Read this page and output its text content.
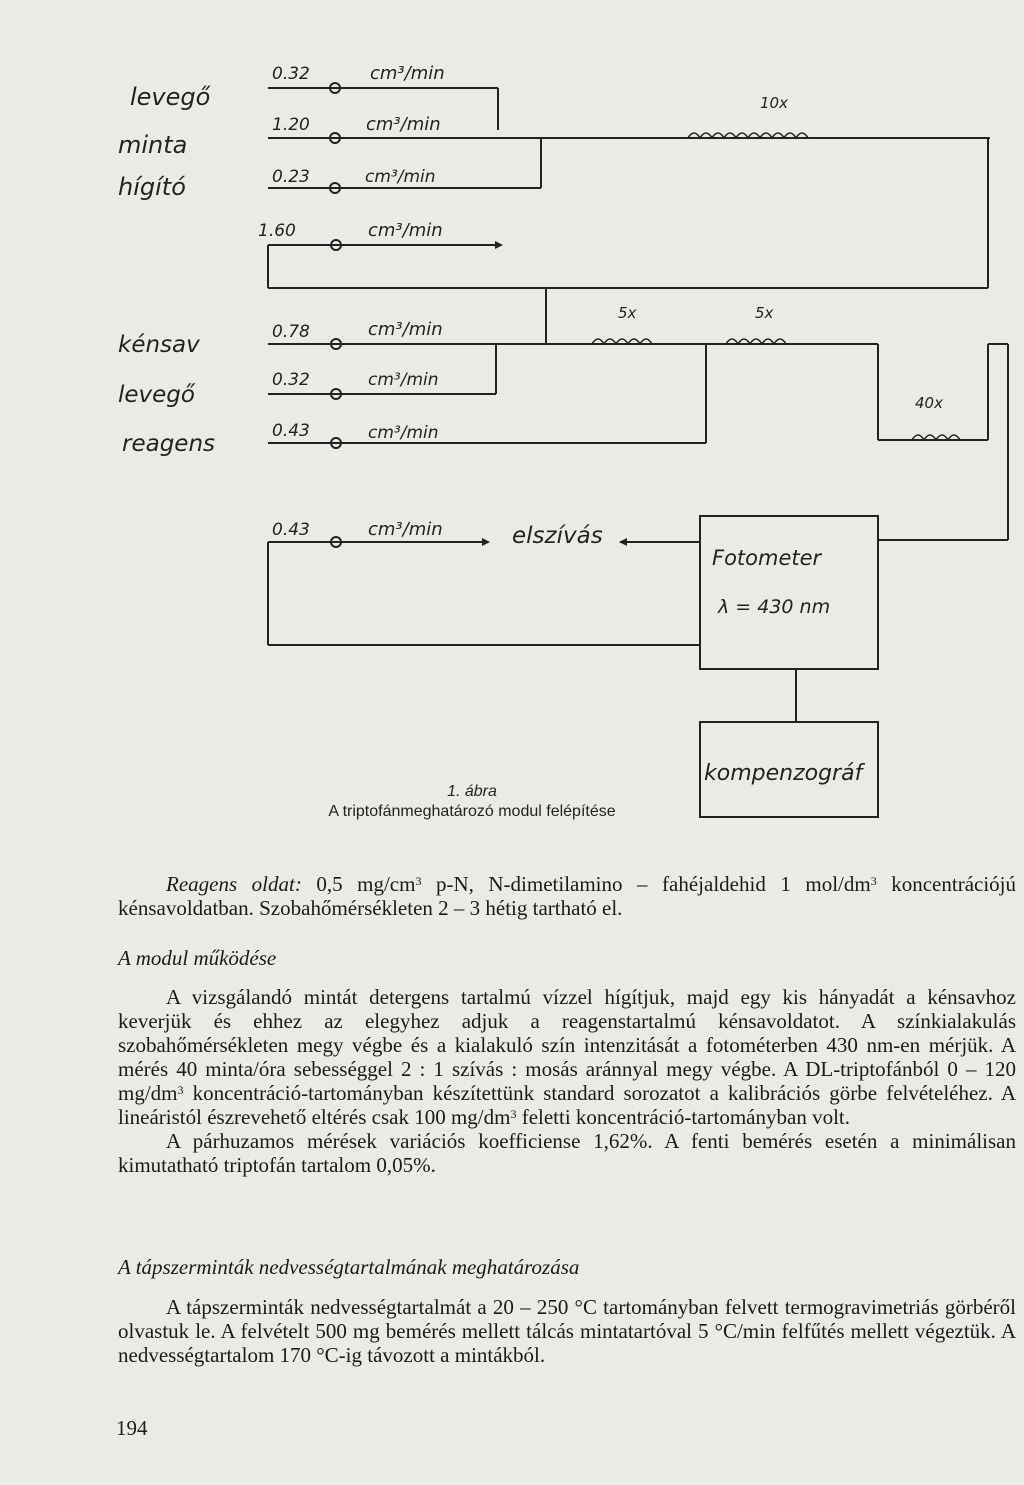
levegő
minta
hígító
kénsav
levegő
reagens
0.32	cm³/min
1.20	cm³/min
0.23	cm³/min
1.60	cm³/min
10x
0.78	cm³/min
0.32	cm³/min
0.43	cm³/min
5x	5x
40x
0.43	cm³/min	elszívás
Fotometer
λ = 430 nm
kompenzográf
1. ábra
A triptofánmeghatározó modul felépítése

Reagens oldat: 0,5 $mg/cm^3$ p-N, N-dimetilamino – fahéjaldehid 1 mol/$dm^3$ koncentrációjú kénsavoldatban. Szobahőmérsékleten 2 – 3 hétig tartható el.

A modul működése

A vizsgálandó mintát detergens tartalmú vízzel hígítjuk, majd egy kis hányadát a kénsavhoz keverjük és ehhez az elegyhez adjuk a reagenstartalmú kénsavoldatot. A színkialakulás szobahőmérsékleten megy végbe és a kialakuló szín intenzitását a fotométerben 430 nm-en mérjük. A mérés 40 minta/óra sebességgel 2 : 1 szívás : mosás aránnyal megy végbe. A DL-triptofánból 0 – 120 $mg/dm^3$ koncentráció-tartományban készítettünk standard sorozatot a kalibrációs görbe felvételéhez. A lineáristól észrevehető eltérés csak 100 $mg/dm^3$ feletti koncentráció-tartományban volt.

A párhuzamos mérések variációs koefficiense 1,62%. A fenti bemérés esetén a minimálisan kimutatható triptofán tartalom 0,05%.

A tápszerminták nedvességtartalmának meghatározása

A tápszerminták nedvességtartalmát a 20 – 250 °C tartományban felvett termogravimetriás görbéről olvastuk le. A felvételt 500 mg bemérés mellett tálcás mintatartóval 5 °C/min felfűtés mellett végeztük. A nedvességtartalom 170 °C-ig távozott a mintákból.

194
